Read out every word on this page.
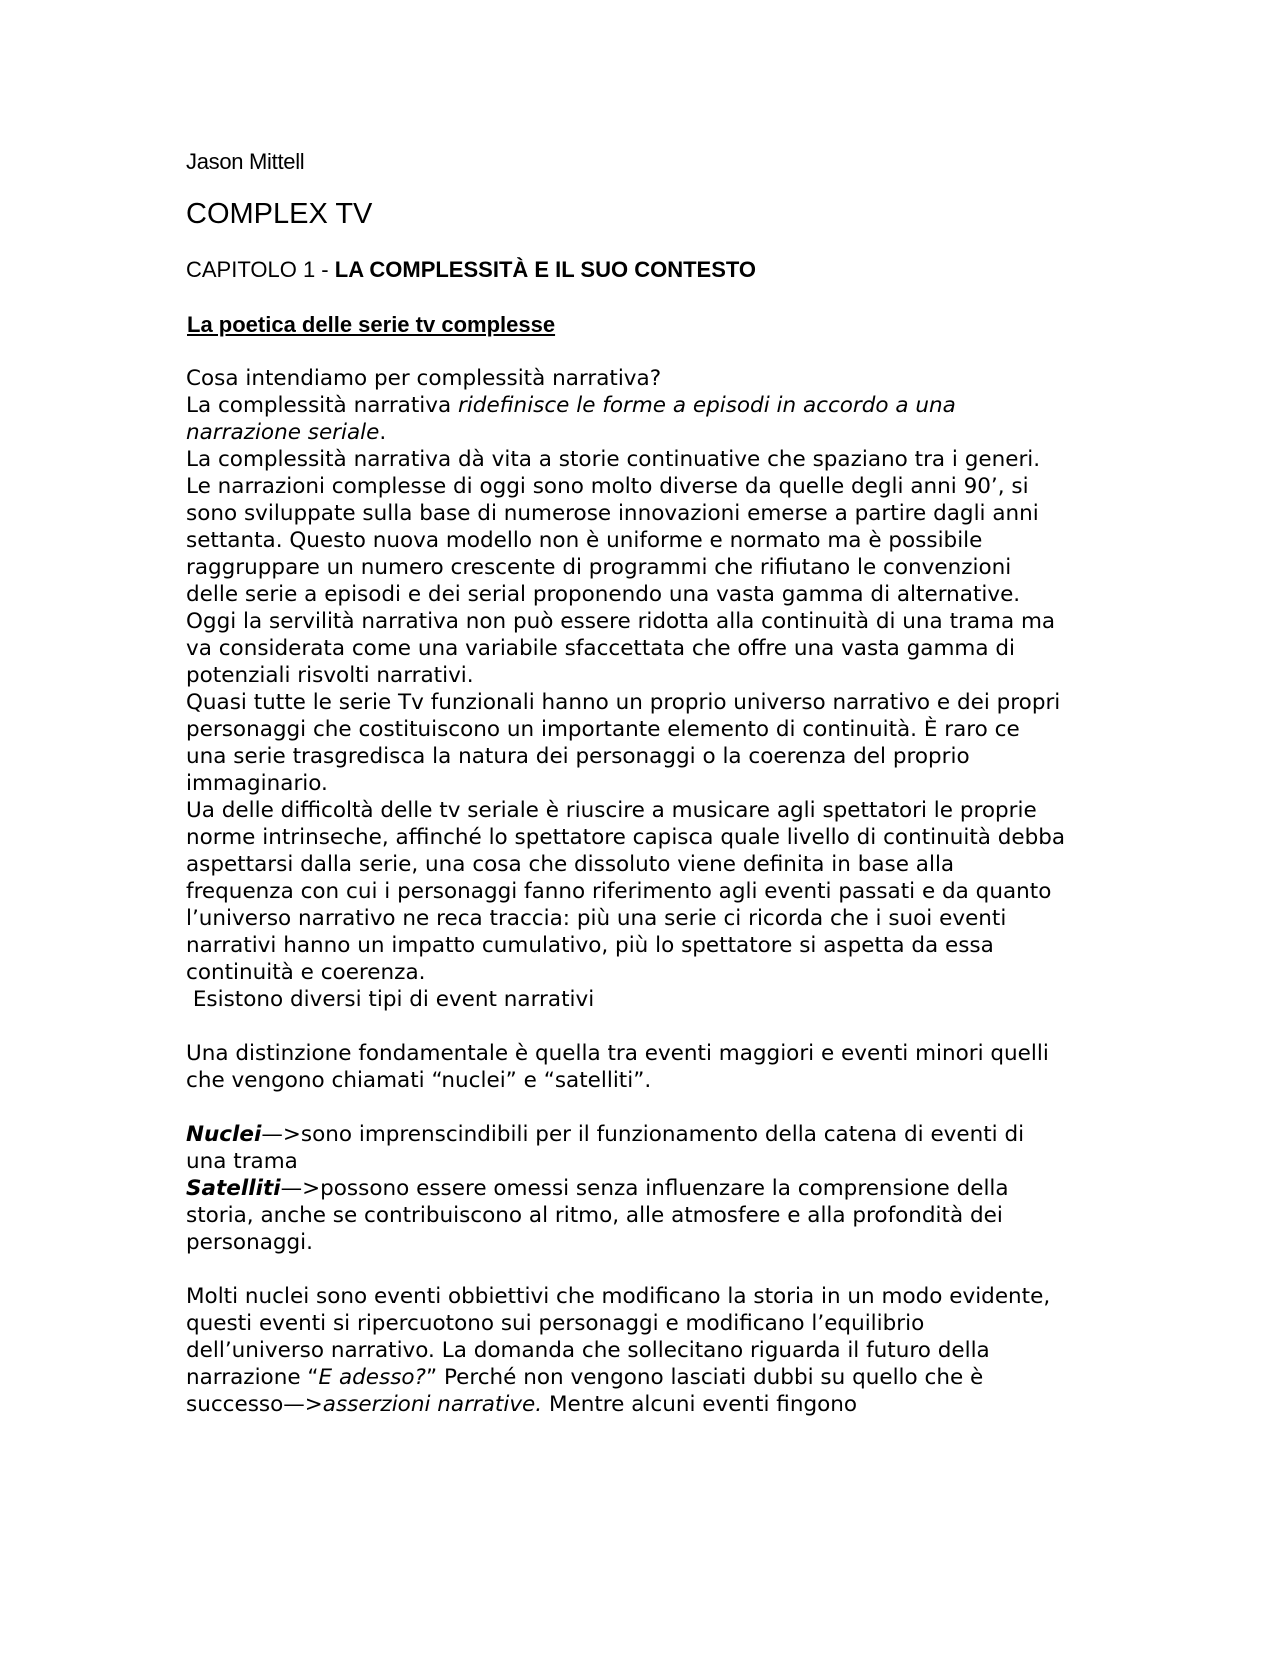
Jason Mittell

COMPLEX TV
CAPITOLO 1 - LA COMPLESSITÀ E IL SUO CONTESTO
La poetica delle serie tv complesse

Cosa intendiamo per complessità narrativa?

La complessità narrativa ridefinisce le forme a episodi in accordo a una narrazione seriale.

La complessità narrativa dà vita a storie continuative che spaziano tra i generi.

Le narrazioni complesse di oggi sono molto diverse da quelle degli anni 90’, si sono sviluppate sulla base di numerose innovazioni emerse a partire dagli anni settanta. Questo nuova modello non è uniforme e normato ma è possibile raggruppare un numero crescente di programmi che rifiutano le convenzioni delle serie a episodi e dei serial proponendo una vasta gamma di alternative.

Oggi la servilità narrativa non può essere ridotta alla continuità di una trama ma va considerata come una variabile sfaccettata che offre una vasta gamma di potenziali risvolti narrativi.

Quasi tutte le serie Tv funzionali hanno un proprio universo narrativo e dei propri personaggi che costituiscono un importante elemento di continuità. È raro ce una serie trasgredisca la natura dei personaggi o la coerenza del proprio immaginario.

Ua delle difficoltà delle tv seriale è riuscire a musicare agli spettatori le proprie norme intrinseche, affinché lo spettatore capisca quale livello di continuità debba aspettarsi dalla serie, una cosa che dissoluto viene definita in base alla frequenza con cui i personaggi fanno riferimento agli eventi passati e da quanto l’universo narrativo ne reca traccia: più una serie ci ricorda che i suoi eventi narrativi hanno un impatto cumulativo, più lo spettatore si aspetta da essa continuità e coerenza.

Esistono diversi tipi di event narrativi

Una distinzione fondamentale è quella tra eventi maggiori e eventi minori quelli che vengono chiamati “nuclei” e “satelliti”.

Nuclei—>sono imprenscindibili per il funzionamento della catena di eventi di una trama

Satelliti—>possono essere omessi senza influenzare la comprensione della storia, anche se contribuiscono al ritmo, alle atmosfere e alla profondità dei personaggi.

Molti nuclei sono eventi obbiettivi che modificano la storia in un modo evidente, questi eventi si ripercuotono sui personaggi e modificano l’equilibrio dell’universo narrativo. La domanda che sollecitano riguarda il futuro della narrazione “E adesso?” Perché non vengono lasciati dubbi su quello che è successo—>asserzioni narrative. Mentre alcuni eventi fingono
